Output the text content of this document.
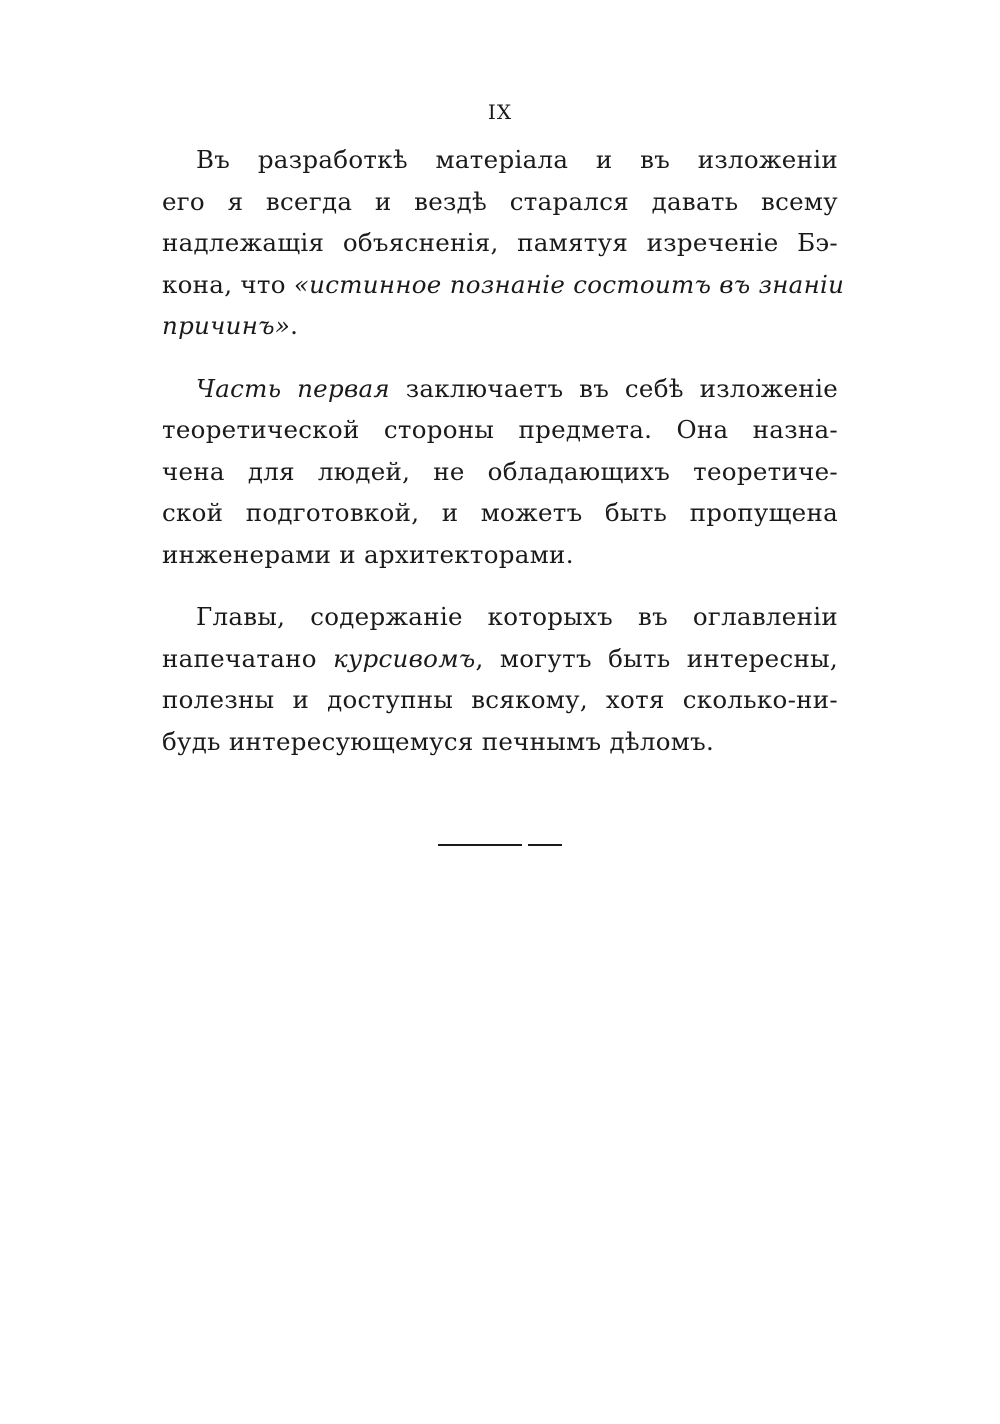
IX

Въ разработкѣ матеріала и въ изложеніи
его я всегда и вездѣ старался давать всему
надлежащія объясненія, памятуя изреченіе Бэ-
кона, что «истинное познаніе состоитъ въ знаніи
причинъ».

Часть первая заключаетъ въ себѣ изложеніе
теоретической стороны предмета. Она назна-
чена для людей, не обладающихъ теоретиче-
ской подготовкой, и можетъ быть пропущена
инженерами и архитекторами.

Главы, содержаніе которыхъ въ оглавленіи
напечатано курсивомъ, могутъ быть интересны,
полезны и доступны всякому, хотя сколько-ни-
будь интересующемуся печнымъ дѣломъ.
